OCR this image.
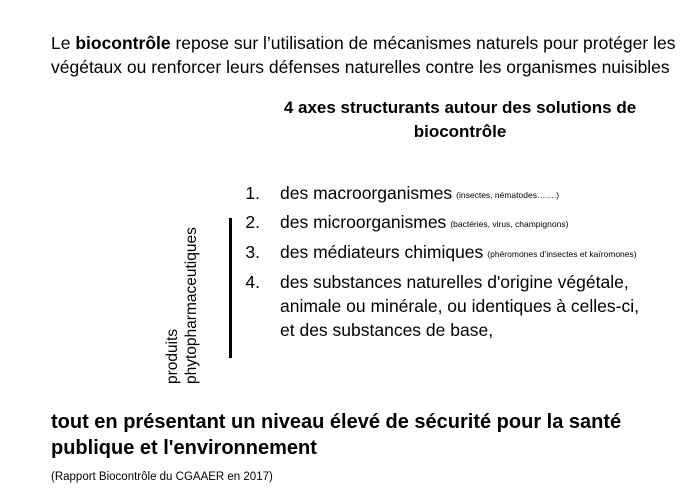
Le biocontrôle repose sur l’utilisation de mécanismes naturels pour protéger les végétaux ou renforcer leurs défenses naturelles contre les organismes nuisibles
4 axes structurants autour des solutions de
biocontrôle
produits phytopharmaceutiques
1. des macroorganismes (insectes, nématodes…….)
2. des microorganismes (bactéries, virus, champignons)
3. des médiateurs chimiques (phéromones d’insectes et kaïromones)
4. des substances naturelles d'origine végétale,
animale ou minérale, ou identiques à celles-ci,
et des substances de base,
tout en présentant un niveau élevé de sécurité pour la santé
publique et l'environnement
(Rapport Biocontrôle du CGAAER en 2017)
